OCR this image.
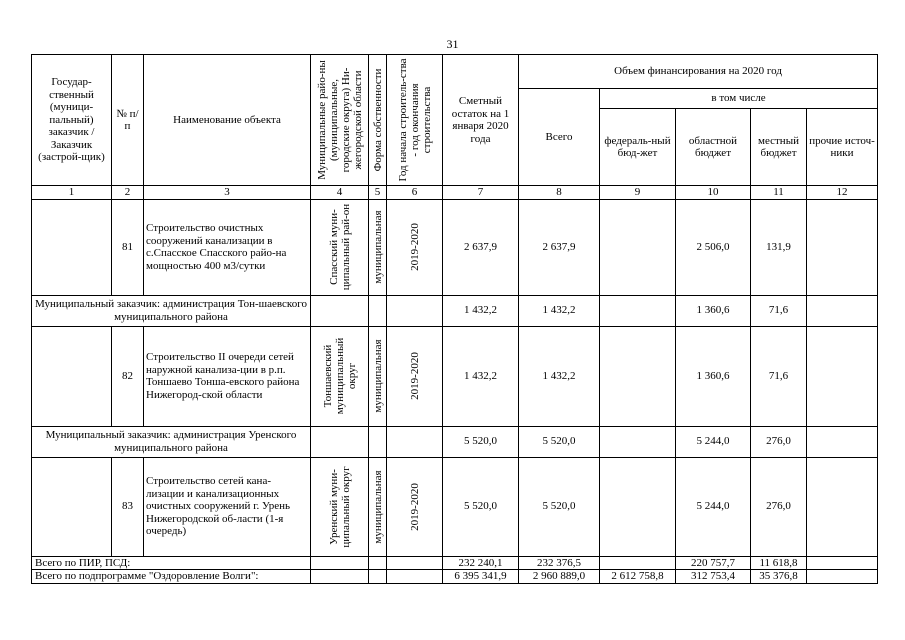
31
Государ-ственный (муници-пальный) заказчик / Заказчик (застрой-щик)	№ п/п	Наименование объекта	Муниципальные райо-ны (муниципальные, городские округа) Ни-жегородской области	Форма собственности	Год начала строитель-ства - год окончания строительства	Сметный остаток на 1 января 2020 года	Объем финансирования на 2020 год				
							Всего	в том числе			
								федераль-ный бюд-жет	областной бюджет	местный бюджет	прочие источ-ники
1	2	3	4	5	6	7	8	9	10	11	12
	81	Строительство очистных сооружений канализации в с.Спасское Спасского райо-на мощностью 400 м3/сутки	Спасский муни-ципальный рай-он	муниципальная	2019-2020	2 637,9	2 637,9		2 506,0	131,9	
Муниципальный заказчик: администрация Тон-шаевского муниципального района						1 432,2	1 432,2		1 360,6	71,6	
	82	Строительство II очереди сетей наружной канализа-ции в р.п. Тоншаево Тонша-евского района Нижегород-ской области	Тоншаевский муниципальный округ	муниципальная	2019-2020	1 432,2	1 432,2		1 360,6	71,6	
Муниципальный заказчик: администрация Уренского муниципального района						5 520,0	5 520,0		5 244,0	276,0	
	83	Строительство сетей кана-лизации и канализационных очистных сооружений г. Урень Нижегородской об-ласти (1-я очередь)	Уренский муни-ципальный округ	муниципальная	2019-2020	5 520,0	5 520,0		5 244,0	276,0	
Всего по ПИР, ПСД:						232 240,1	232 376,5		220 757,7	11 618,8	
Всего по подпрограмме "Оздоровление Волги":						6 395 341,9	2 960 889,0	2 612 758,8	312 753,4	35 376,8	
